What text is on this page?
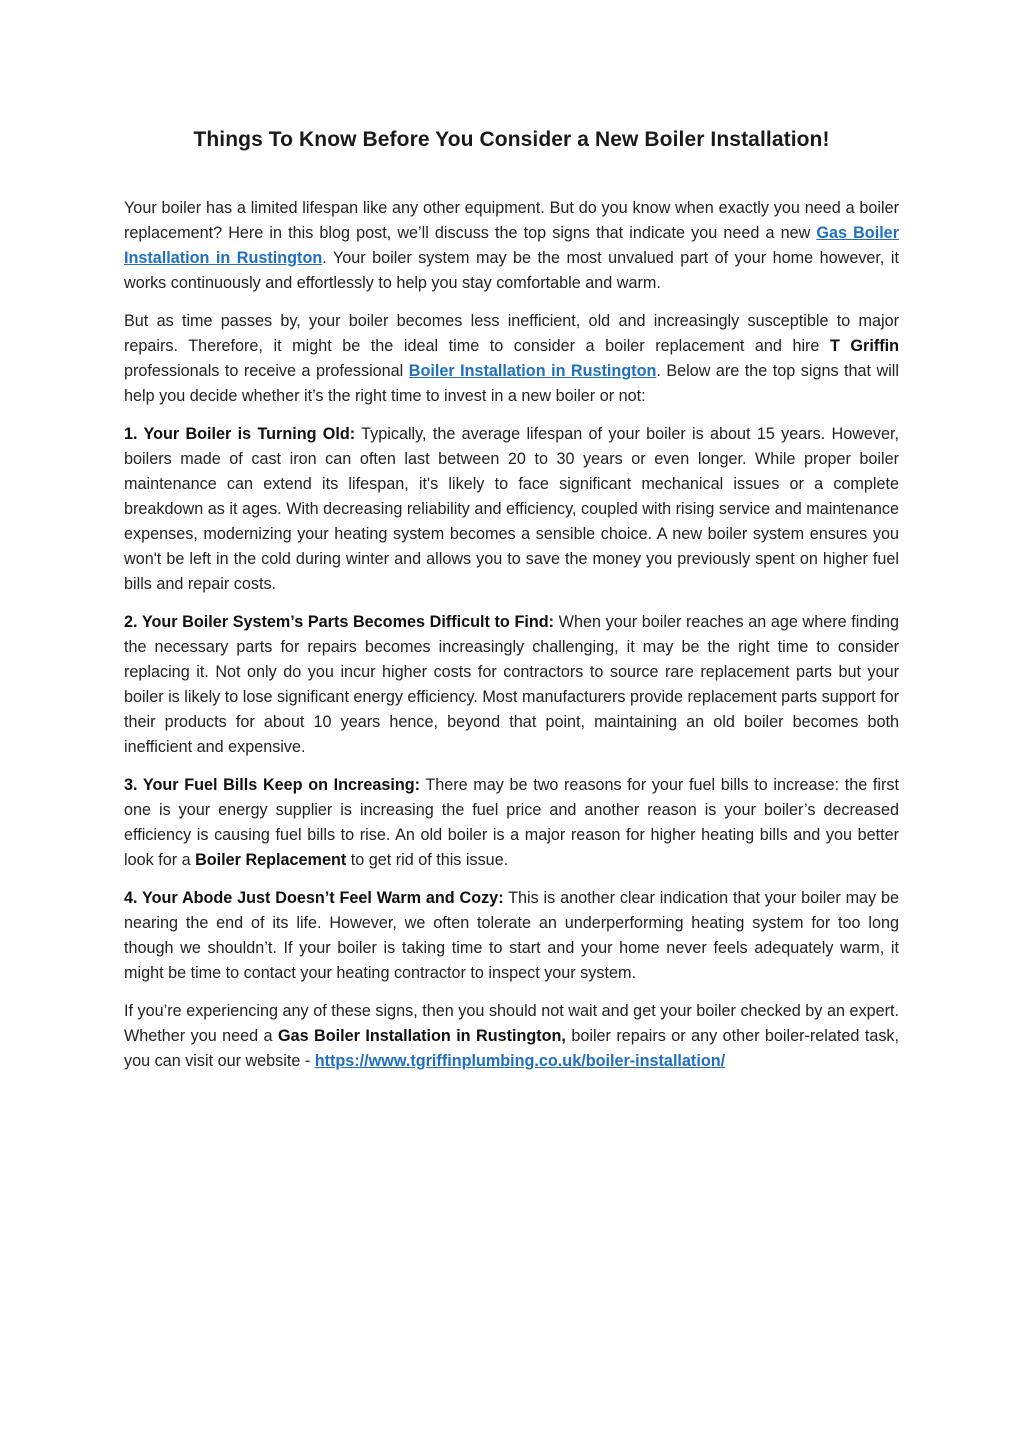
Things To Know Before You Consider a New Boiler Installation!

Your boiler has a limited lifespan like any other equipment. But do you know when exactly you need a boiler replacement? Here in this blog post, we’ll discuss the top signs that indicate you need a new Gas Boiler Installation in Rustington. Your boiler system may be the most unvalued part of your home however, it works continuously and effortlessly to help you stay comfortable and warm.

But as time passes by, your boiler becomes less inefficient, old and increasingly susceptible to major repairs. Therefore, it might be the ideal time to consider a boiler replacement and hire T Griffin professionals to receive a professional Boiler Installation in Rustington. Below are the top signs that will help you decide whether it’s the right time to invest in a new boiler or not:

1. Your Boiler is Turning Old: Typically, the average lifespan of your boiler is about 15 years. However, boilers made of cast iron can often last between 20 to 30 years or even longer. While proper boiler maintenance can extend its lifespan, it's likely to face significant mechanical issues or a complete breakdown as it ages. With decreasing reliability and efficiency, coupled with rising service and maintenance expenses, modernizing your heating system becomes a sensible choice. A new boiler system ensures you won't be left in the cold during winter and allows you to save the money you previously spent on higher fuel bills and repair costs.

2. Your Boiler System’s Parts Becomes Difficult to Find: When your boiler reaches an age where finding the necessary parts for repairs becomes increasingly challenging, it may be the right time to consider replacing it. Not only do you incur higher costs for contractors to source rare replacement parts but your boiler is likely to lose significant energy efficiency. Most manufacturers provide replacement parts support for their products for about 10 years hence, beyond that point, maintaining an old boiler becomes both inefficient and expensive.

3. Your Fuel Bills Keep on Increasing: There may be two reasons for your fuel bills to increase: the first one is your energy supplier is increasing the fuel price and another reason is your boiler’s decreased efficiency is causing fuel bills to rise. An old boiler is a major reason for higher heating bills and you better look for a Boiler Replacement to get rid of this issue.

4. Your Abode Just Doesn’t Feel Warm and Cozy: This is another clear indication that your boiler may be nearing the end of its life. However, we often tolerate an underperforming heating system for too long though we shouldn’t. If your boiler is taking time to start and your home never feels adequately warm, it might be time to contact your heating contractor to inspect your system.

If you’re experiencing any of these signs, then you should not wait and get your boiler checked by an expert. Whether you need a Gas Boiler Installation in Rustington, boiler repairs or any other boiler-related task, you can visit our website - https://www.tgriffinplumbing.co.uk/boiler-installation/
